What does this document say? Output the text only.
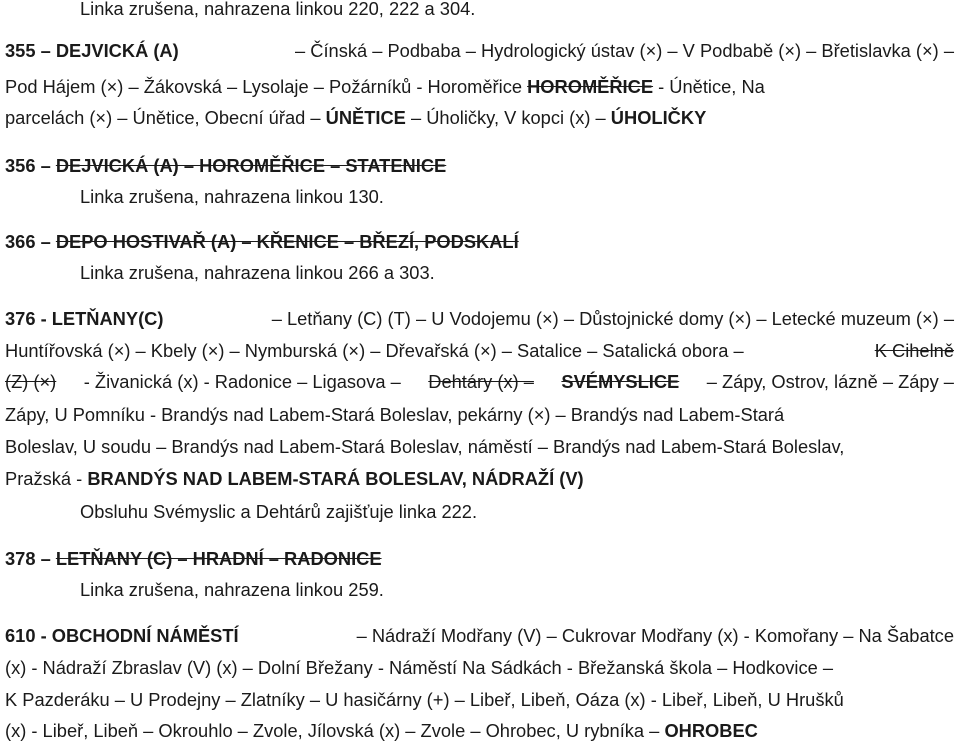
Linka zrušena, nahrazena linkou 220, 222 a 304.
355 – DEJVICKÁ (A)	– Čínská – Podbaba – Hydrologický ústav (×) – V Podbabě (×) – Břetislavka (×) –
Pod Hájem (×) – Žákovská – Lysolaje – Požárníků - Horoměřice HOROMĚŘICE - Únětice, Na
parcelách (×) – Únětice, Obecní úřad – ÚNĚTICE – Úholičky, V kopci (x) – ÚHOLIČKY
356 – DEJVICKÁ (A) – HOROMĚŘICE – STATENICE
Linka zrušena, nahrazena linkou 130.
366 – DEPO HOSTIVAŘ (A) – KŘENICE – BŘEZÍ, PODSKALÍ
Linka zrušena, nahrazena linkou 266 a 303.
376 - LETŇANY(C)	– Letňany (C) (T) – U Vodojemu (×) – Důstojnické domy (×) – Letecké muzeum (×) –
Huntířovská (×) – Kbely (×) – Nymburská (×) – Dřevařská (×) – Satalice – Satalická obora –	K Cihelně
(Z) (×) - Živanická (x) - Radonice – Ligasova – Dehtáry (x) – SVÉMYSLICE – Zápy, Ostrov, lázně – Zápy –
Zápy, U Pomníku - Brandýs nad Labem-Stará Boleslav, pekárny (×) – Brandýs nad Labem-Stará
Boleslav, U soudu – Brandýs nad Labem-Stará Boleslav, náměstí – Brandýs nad Labem-Stará Boleslav,
Pražská - BRANDÝS NAD LABEM-STARÁ BOLESLAV, NÁDRAŽÍ (V)
Obsluhu Svémyslic a Dehtárů zajišťuje linka 222.
378 – LETŇANY (C) – HRADNÍ – RADONICE
Linka zrušena, nahrazena linkou 259.
610 - OBCHODNÍ NÁMĚSTÍ	– Nádraží Modřany (V) – Cukrovar Modřany (x) - Komořany – Na Šabatce
(x) - Nádraží Zbraslav (V) (x) – Dolní Břežany - Náměstí Na Sádkách - Břežanská škola – Hodkovice –
K Pazderáku – U Prodejny – Zlatníky – U hasičárny (+) – Libeř, Libeň, Oáza (x) - Libeř, Libeň, U Hrušků
(x) - Libeř, Libeň – Okrouhlo – Zvole, Jílovská (x) – Zvole – Ohrobec, U rybníka – OHROBEC
